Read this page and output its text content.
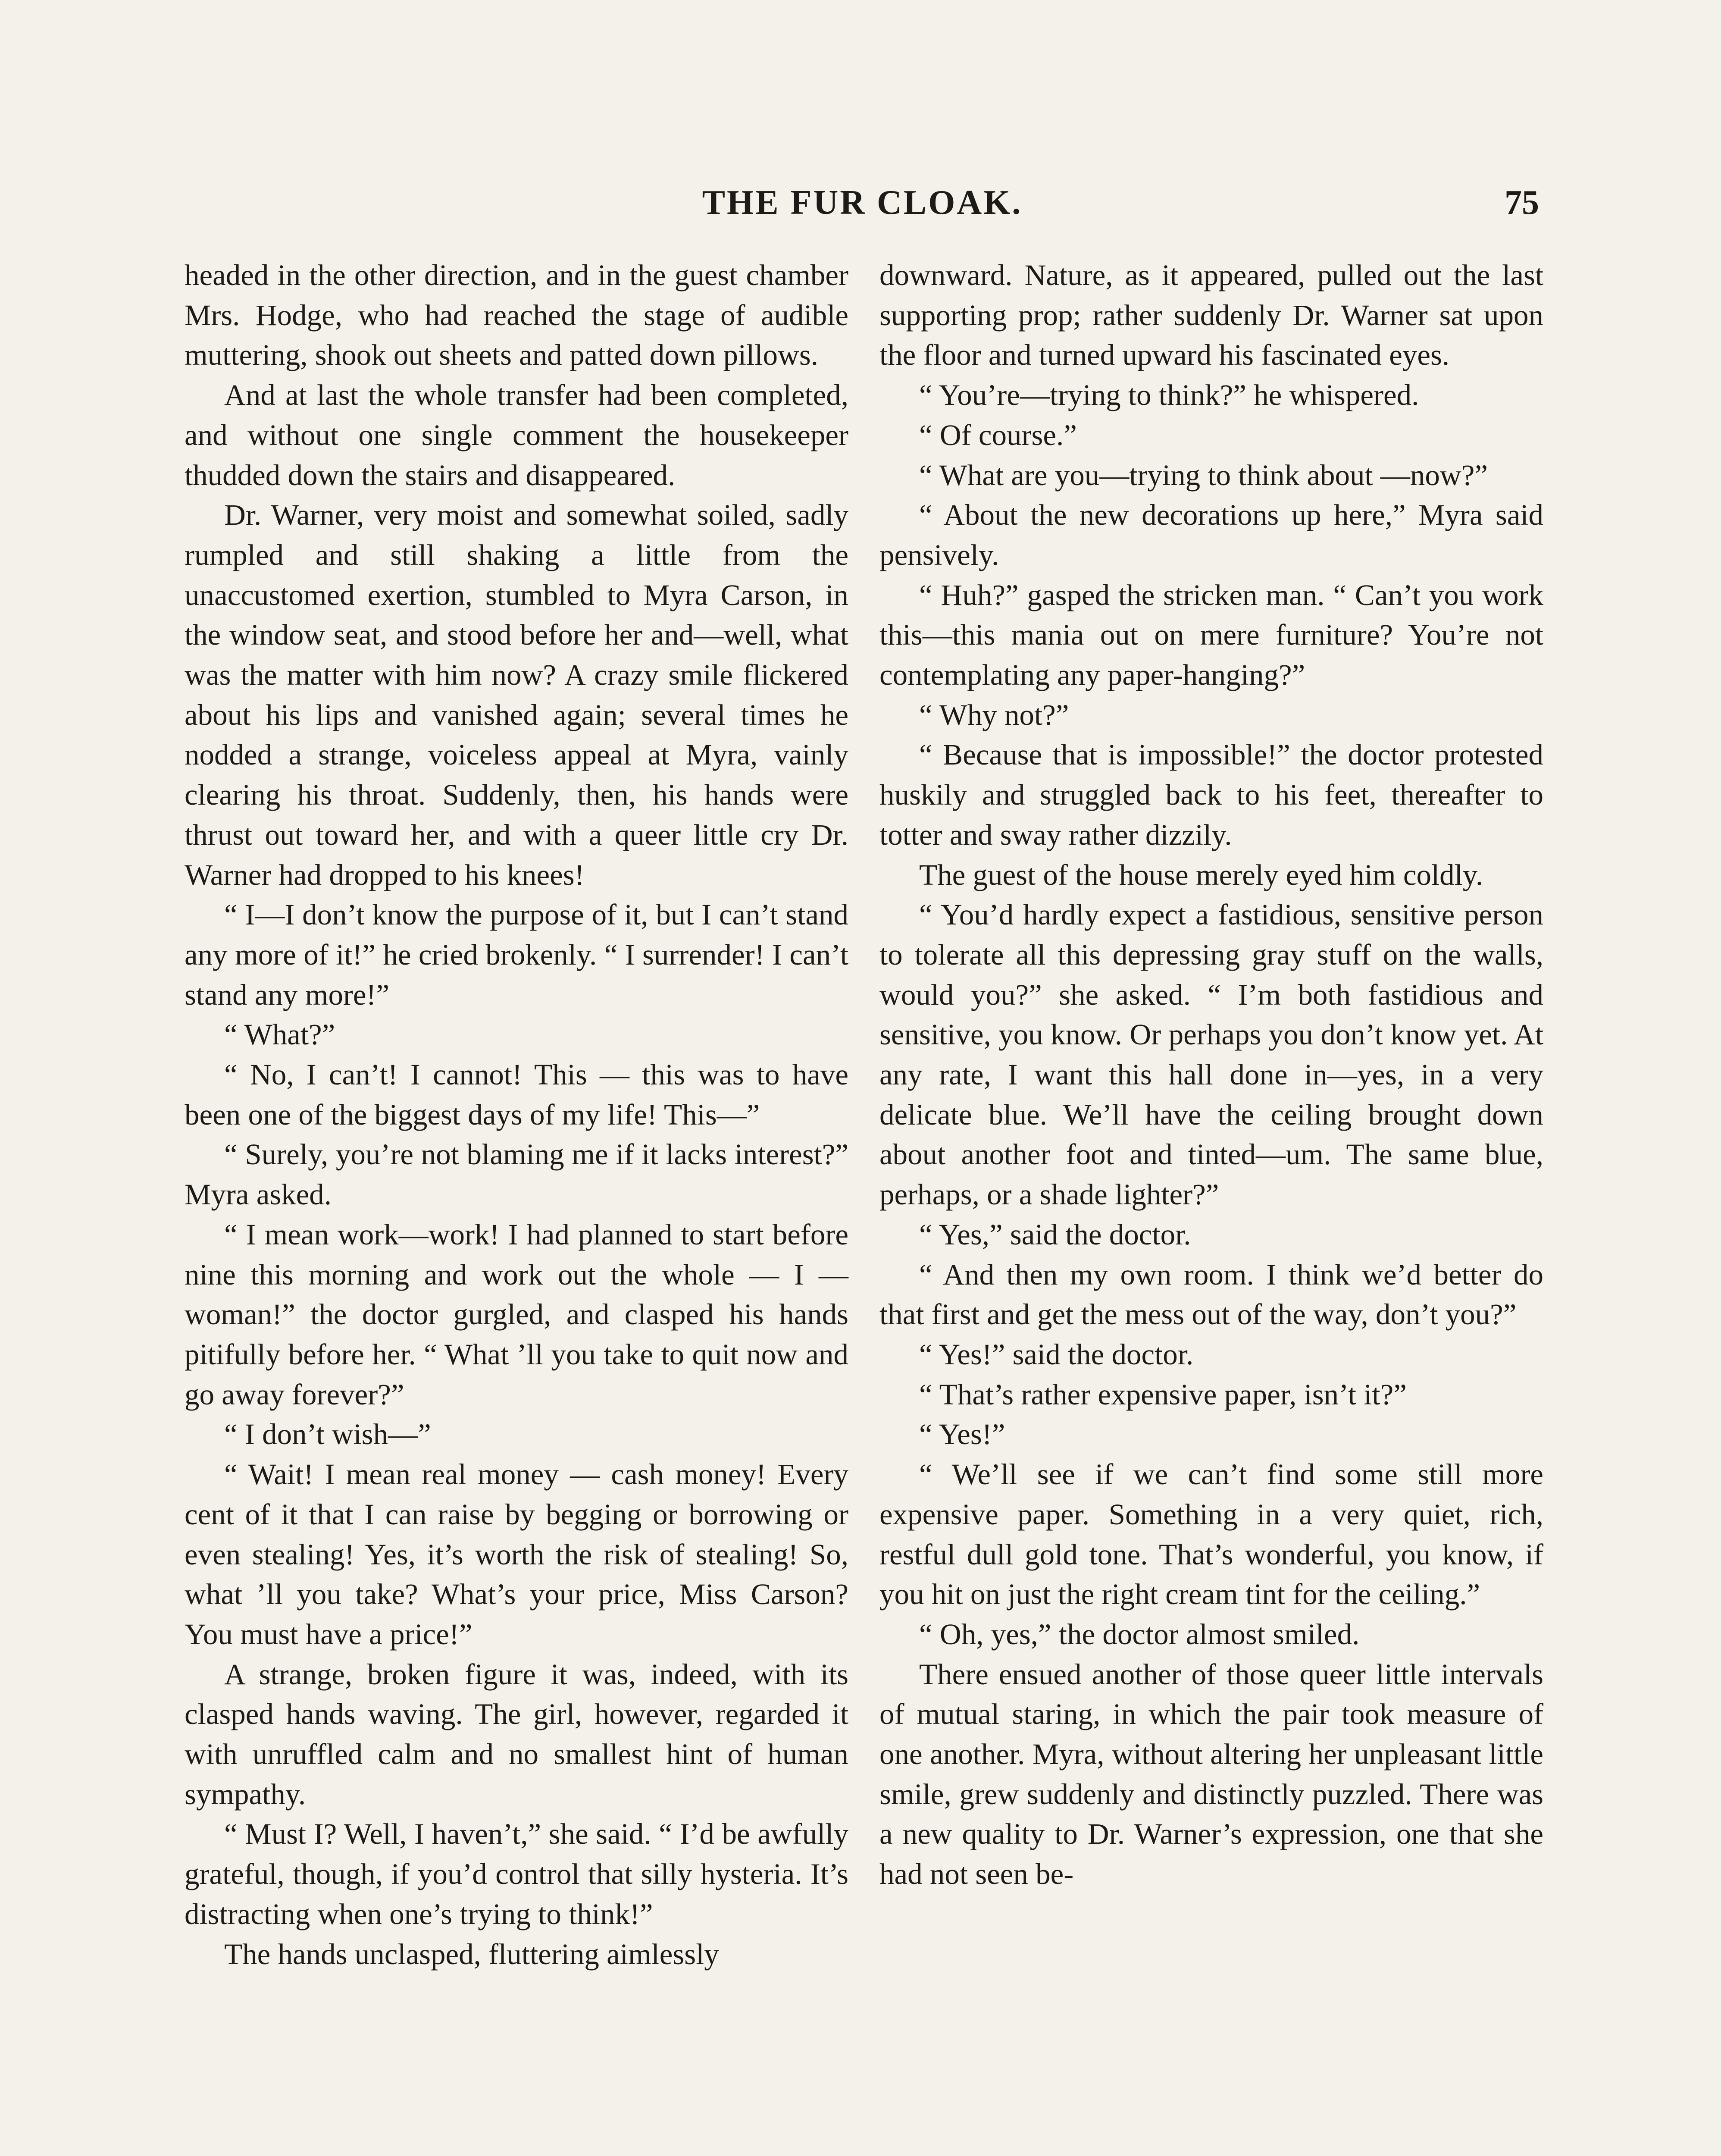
THE FUR CLOAK.	75

headed in the other direction, and in the guest chamber Mrs. Hodge, who had reached the stage of audible muttering, shook out sheets and patted down pillows.

And at last the whole transfer had been completed, and without one single comment the housekeeper thudded down the stairs and disappeared.

Dr. Warner, very moist and somewhat soiled, sadly rumpled and still shaking a little from the unaccustomed exertion, stumbled to Myra Carson, in the window seat, and stood before her and—well, what was the matter with him now? A crazy smile flickered about his lips and vanished again; several times he nodded a strange, voiceless appeal at Myra, vainly clearing his throat. Suddenly, then, his hands were thrust out toward her, and with a queer little cry Dr. Warner had dropped to his knees!

“ I—I don’t know the purpose of it, but I can’t stand any more of it!” he cried brokenly. “ I surrender! I can’t stand any more!”

“ What?”

“ No, I can’t! I cannot! This — this was to have been one of the biggest days of my life! This—”

“ Surely, you’re not blaming me if it lacks interest?” Myra asked.

“ I mean work—work! I had planned to start before nine this morning and work out the whole — I — woman!” the doctor gurgled, and clasped his hands pitifully before her. “ What ’ll you take to quit now and go away forever?”

“ I don’t wish—”

“ Wait! I mean real money — cash money! Every cent of it that I can raise by begging or borrowing or even stealing! Yes, it’s worth the risk of stealing! So, what ’ll you take? What’s your price, Miss Carson? You must have a price!”

A strange, broken figure it was, indeed, with its clasped hands waving. The girl, however, regarded it with unruffled calm and no smallest hint of human sympathy.

“ Must I? Well, I haven’t,” she said. “ I’d be awfully grateful, though, if you’d control that silly hysteria. It’s distracting when one’s trying to think!”

The hands unclasped, fluttering aimlessly

downward. Nature, as it appeared, pulled out the last supporting prop; rather suddenly Dr. Warner sat upon the floor and turned upward his fascinated eyes.

“ You’re—trying to think?” he whispered.

“ Of course.”

“ What are you—trying to think about —now?”

“ About the new decorations up here,” Myra said pensively.

“ Huh?” gasped the stricken man. “ Can’t you work this—this mania out on mere furniture? You’re not contemplating any paper-hanging?”

“ Why not?”

“ Because that is impossible!” the doctor protested huskily and struggled back to his feet, thereafter to totter and sway rather dizzily.

The guest of the house merely eyed him coldly.

“ You’d hardly expect a fastidious, sensitive person to tolerate all this depressing gray stuff on the walls, would you?” she asked. “ I’m both fastidious and sensitive, you know. Or perhaps you don’t know yet. At any rate, I want this hall done in—yes, in a very delicate blue. We’ll have the ceiling brought down about another foot and tinted—um. The same blue, perhaps, or a shade lighter?”

“ Yes,” said the doctor.

“ And then my own room. I think we’d better do that first and get the mess out of the way, don’t you?”

“ Yes!” said the doctor.

“ That’s rather expensive paper, isn’t it?”

“ Yes!”

“ We’ll see if we can’t find some still more expensive paper. Something in a very quiet, rich, restful dull gold tone. That’s wonderful, you know, if you hit on just the right cream tint for the ceiling.”

“ Oh, yes,” the doctor almost smiled.

There ensued another of those queer little intervals of mutual staring, in which the pair took measure of one another. Myra, without altering her unpleasant little smile, grew suddenly and distinctly puzzled. There was a new quality to Dr. Warner’s expression, one that she had not seen be-
